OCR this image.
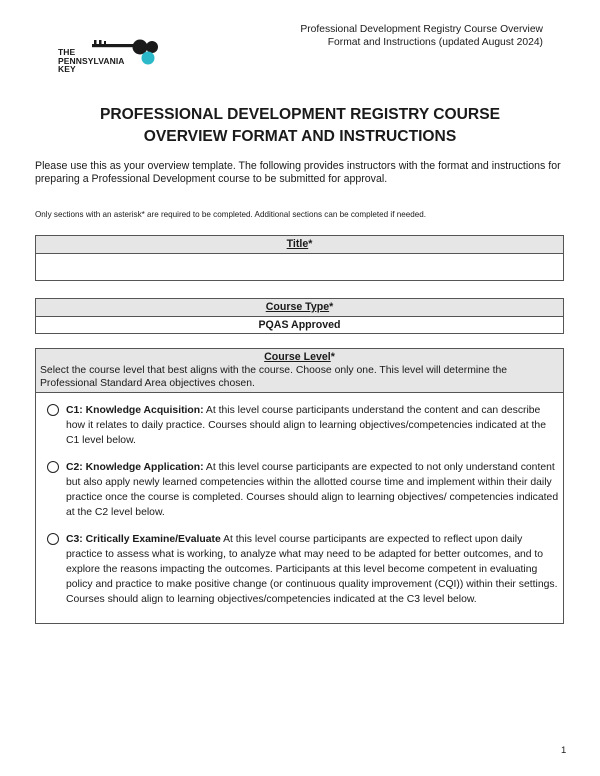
THE
PENNSYLVANIA
KEY
Professional Development Registry Course Overview
Format and Instructions (updated August 2024)
PROFESSIONAL DEVELOPMENT REGISTRY COURSE
OVERVIEW FORMAT AND INSTRUCTIONS
Please use this as your overview template. The following provides instructors with the format and instructions for preparing a Professional Development course to be submitted for approval.
Only sections with an asterisk* are required to be completed. Additional sections can be completed if needed.
Title*
Course Type*
PQAS Approved
Course Level*
Select the course level that best aligns with the course. Choose only one. This level will determine the Professional Standard Area objectives chosen.
C1: Knowledge Acquisition: At this level course participants understand the content and can describe how it relates to daily practice. Courses should align to learning objectives/competencies indicated at the C1 level below.
C2: Knowledge Application: At this level course participants are expected to not only understand content but also apply newly learned competencies within the allotted course time and implement within their daily practice once the course is completed. Courses should align to learning objectives/ competencies indicated at the C2 level below.
C3: Critically Examine/Evaluate At this level course participants are expected to reflect upon daily practice to assess what is working, to analyze what may need to be adapted for better outcomes, and to explore the reasons impacting the outcomes. Participants at this level become competent in evaluating policy and practice to make positive change (or continuous quality improvement (CQI)) within their settings. Courses should align to learning objectives/competencies indicated at the C3 level below.
1
